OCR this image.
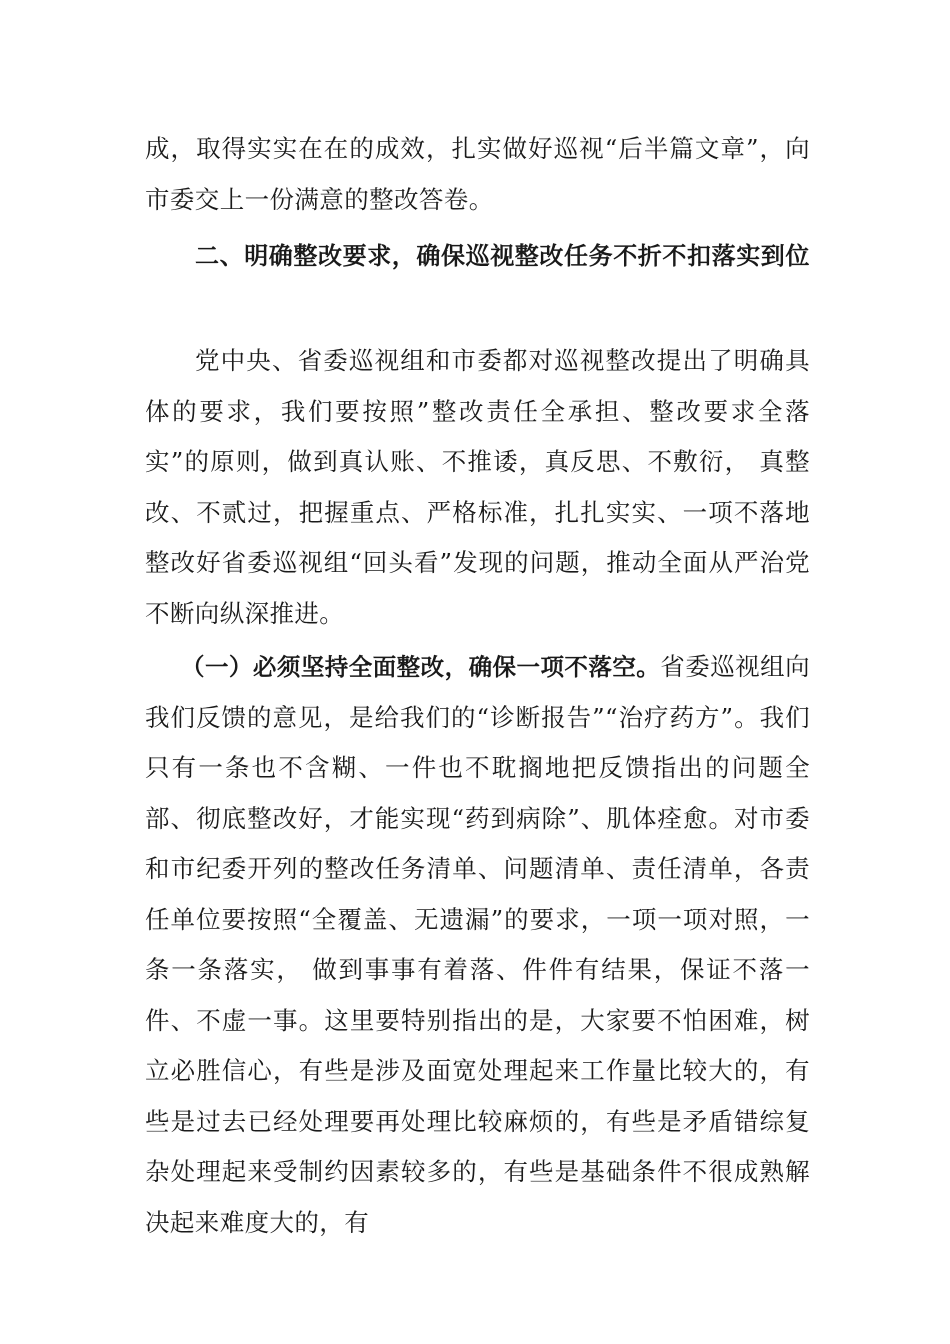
成，取得实实在在的成效，扎实做好巡视“后半篇文章”，向市委交上一份满意的整改答卷。

二、明确整改要求，确保巡视整改任务不折不扣落实到位

党中央、省委巡视组和市委都对巡视整改提出了明确具体的要求，我们要按照”整改责任全承担、整改要求全落实”的原则，做到真认账、不推诿，真反思、不敷衍， 真整改、不贰过，把握重点、严格标准，扎扎实实、一项不落地整改好省委巡视组“回头看”发现的问题，推动全面从严治党不断向纵深推进。

（一）必须坚持全面整改，确保一项不落空。省委巡视组向我们反馈的意见，是给我们的“诊断报告”“治疗药方”。我们只有一条也不含糊、一件也不耽搁地把反馈指出的问题全部、彻底整改好，才能实现“药到病除”、肌体痊愈。对市委和市纪委开列的整改任务清单、问题清单、责任清单，各责任单位要按照“全覆盖、无遗漏”的要求，一项一项对照，一条一条落实， 做到事事有着落、件件有结果，保证不落一件、不虚一事。这里要特别指出的是，大家要不怕困难，树立必胜信心，有些是涉及面宽处理起来工作量比较大的，有些是过去已经处理要再处理比较麻烦的，有些是矛盾错综复杂处理起来受制约因素较多的，有些是基础条件不很成熟解决起来难度大的，有
